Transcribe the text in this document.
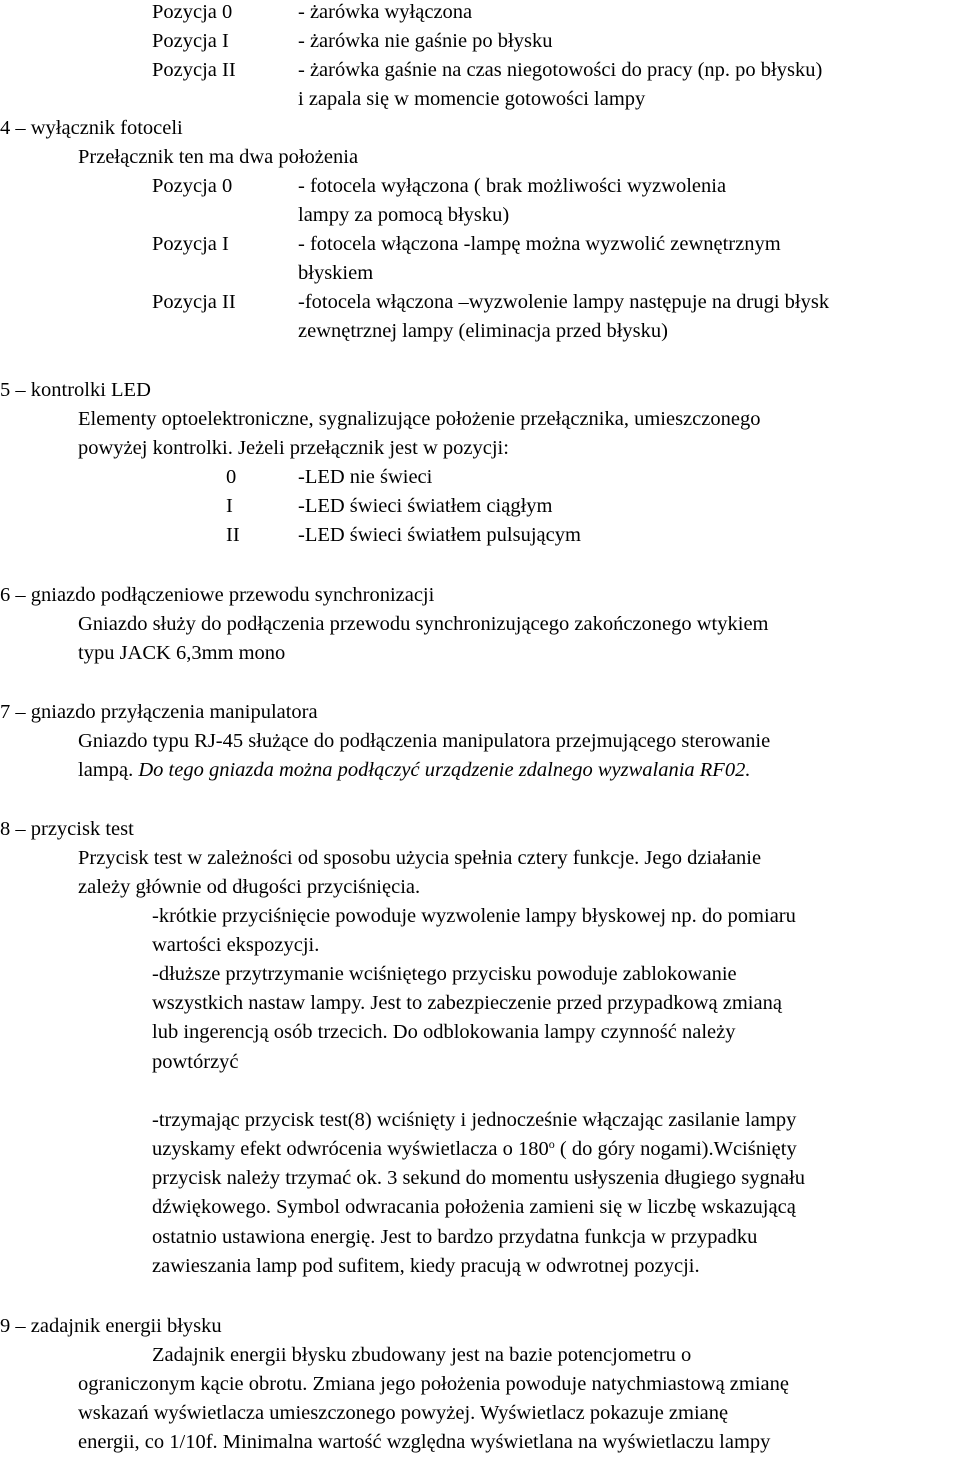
Pozycja 0	- żarówka wyłączona
Pozycja I	- żarówka nie gaśnie po błysku
Pozycja II	- żarówka gaśnie na czas niegotowości do pracy (np. po błysku)
i zapala się w momencie gotowości lampy
4 – wyłącznik fotoceli
Przełącznik ten ma dwa położenia
Pozycja 0	- fotocela wyłączona ( brak możliwości wyzwolenia
lampy za pomocą błysku)
Pozycja I	- fotocela włączona -lampę można wyzwolić zewnętrznym
błyskiem
Pozycja II	-fotocela włączona –wyzwolenie lampy następuje na drugi błysk
zewnętrznej lampy (eliminacja przed błysku)
5 – kontrolki LED
Elementy optoelektroniczne, sygnalizujące położenie przełącznika, umieszczonego
powyżej kontrolki. Jeżeli przełącznik jest w pozycji:
0	-LED nie świeci
I	-LED świeci światłem ciągłym
II	-LED świeci światłem pulsującym
6 – gniazdo podłączeniowe przewodu synchronizacji
Gniazdo służy do podłączenia przewodu synchronizującego zakończonego wtykiem
typu JACK 6,3mm mono
7 – gniazdo przyłączenia manipulatora
Gniazdo typu RJ-45 służące do podłączenia manipulatora przejmującego sterowanie
lampą. Do tego gniazda można podłączyć urządzenie zdalnego wyzwalania RF02.
8 – przycisk test
Przycisk test w zależności od sposobu użycia spełnia cztery funkcje. Jego działanie
zależy głównie od długości przyciśnięcia.
-krótkie przyciśnięcie powoduje wyzwolenie lampy błyskowej np. do pomiaru
wartości ekspozycji.
-dłuższe przytrzymanie wciśniętego przycisku powoduje zablokowanie
wszystkich nastaw lampy. Jest to zabezpieczenie przed przypadkową zmianą
lub ingerencją osób trzecich. Do odblokowania lampy czynność należy
powtórzyć
-trzymając przycisk test(8) wciśnięty i jednocześnie włączając zasilanie lampy
uzyskamy efekt odwrócenia wyświetlacza o 180$^o$ ( do góry nogami).Wciśnięty
przycisk należy trzymać ok. 3 sekund do momentu usłyszenia długiego sygnału
dźwiękowego. Symbol odwracania położenia zamieni się w liczbę wskazującą
ostatnio ustawiona energię. Jest to bardzo przydatna funkcja w przypadku
zawieszania lamp pod sufitem, kiedy pracują w odwrotnej pozycji.
9 – zadajnik energii błysku
Zadajnik energii błysku zbudowany jest na bazie potencjometru o
ograniczonym kącie obrotu. Zmiana jego położenia powoduje natychmiastową zmianę
wskazań wyświetlacza umieszczonego powyżej. Wyświetlacz pokazuje zmianę
energii, co 1/10f. Minimalna wartość względna wyświetlana na wyświetlaczu lampy
